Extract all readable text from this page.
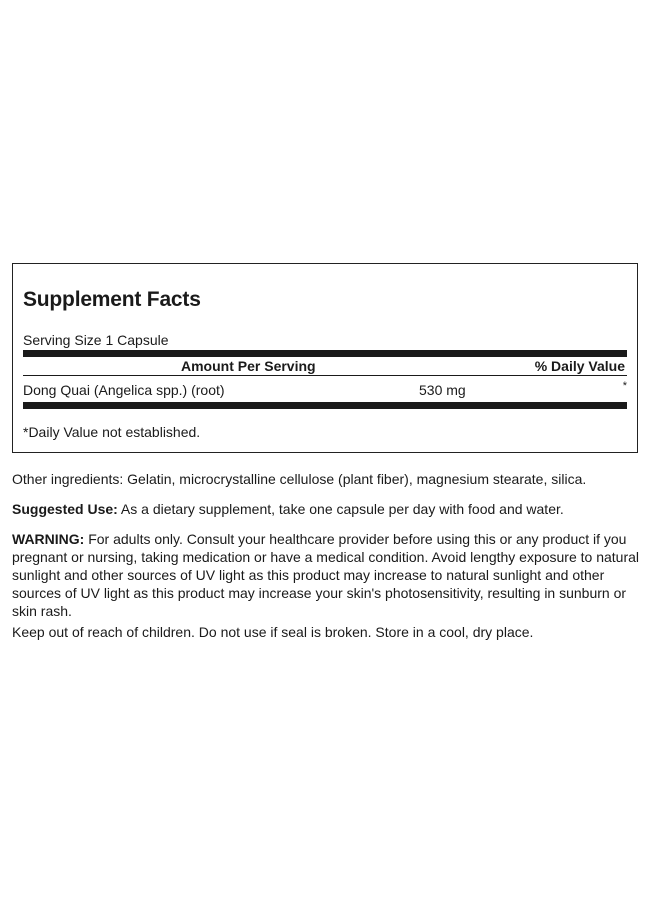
Supplement Facts
Serving Size 1 Capsule
Amount Per Serving	% Daily Value
Dong Quai (Angelica spp.) (root)	530 mg	*
*Daily Value not established.

Other ingredients: Gelatin, microcrystalline cellulose (plant fiber), magnesium stearate, silica.

Suggested Use: As a dietary supplement, take one capsule per day with food and water.

WARNING: For adults only. Consult your healthcare provider before using this or any product if you pregnant or nursing, taking medication or have a medical condition. Avoid lengthy exposure to natural sunlight and other sources of UV light as this product may increase to natural sunlight and other sources of UV light as this product may increase your skin's photosensitivity, resulting in sunburn or skin rash.

Keep out of reach of children. Do not use if seal is broken. Store in a cool, dry place.
